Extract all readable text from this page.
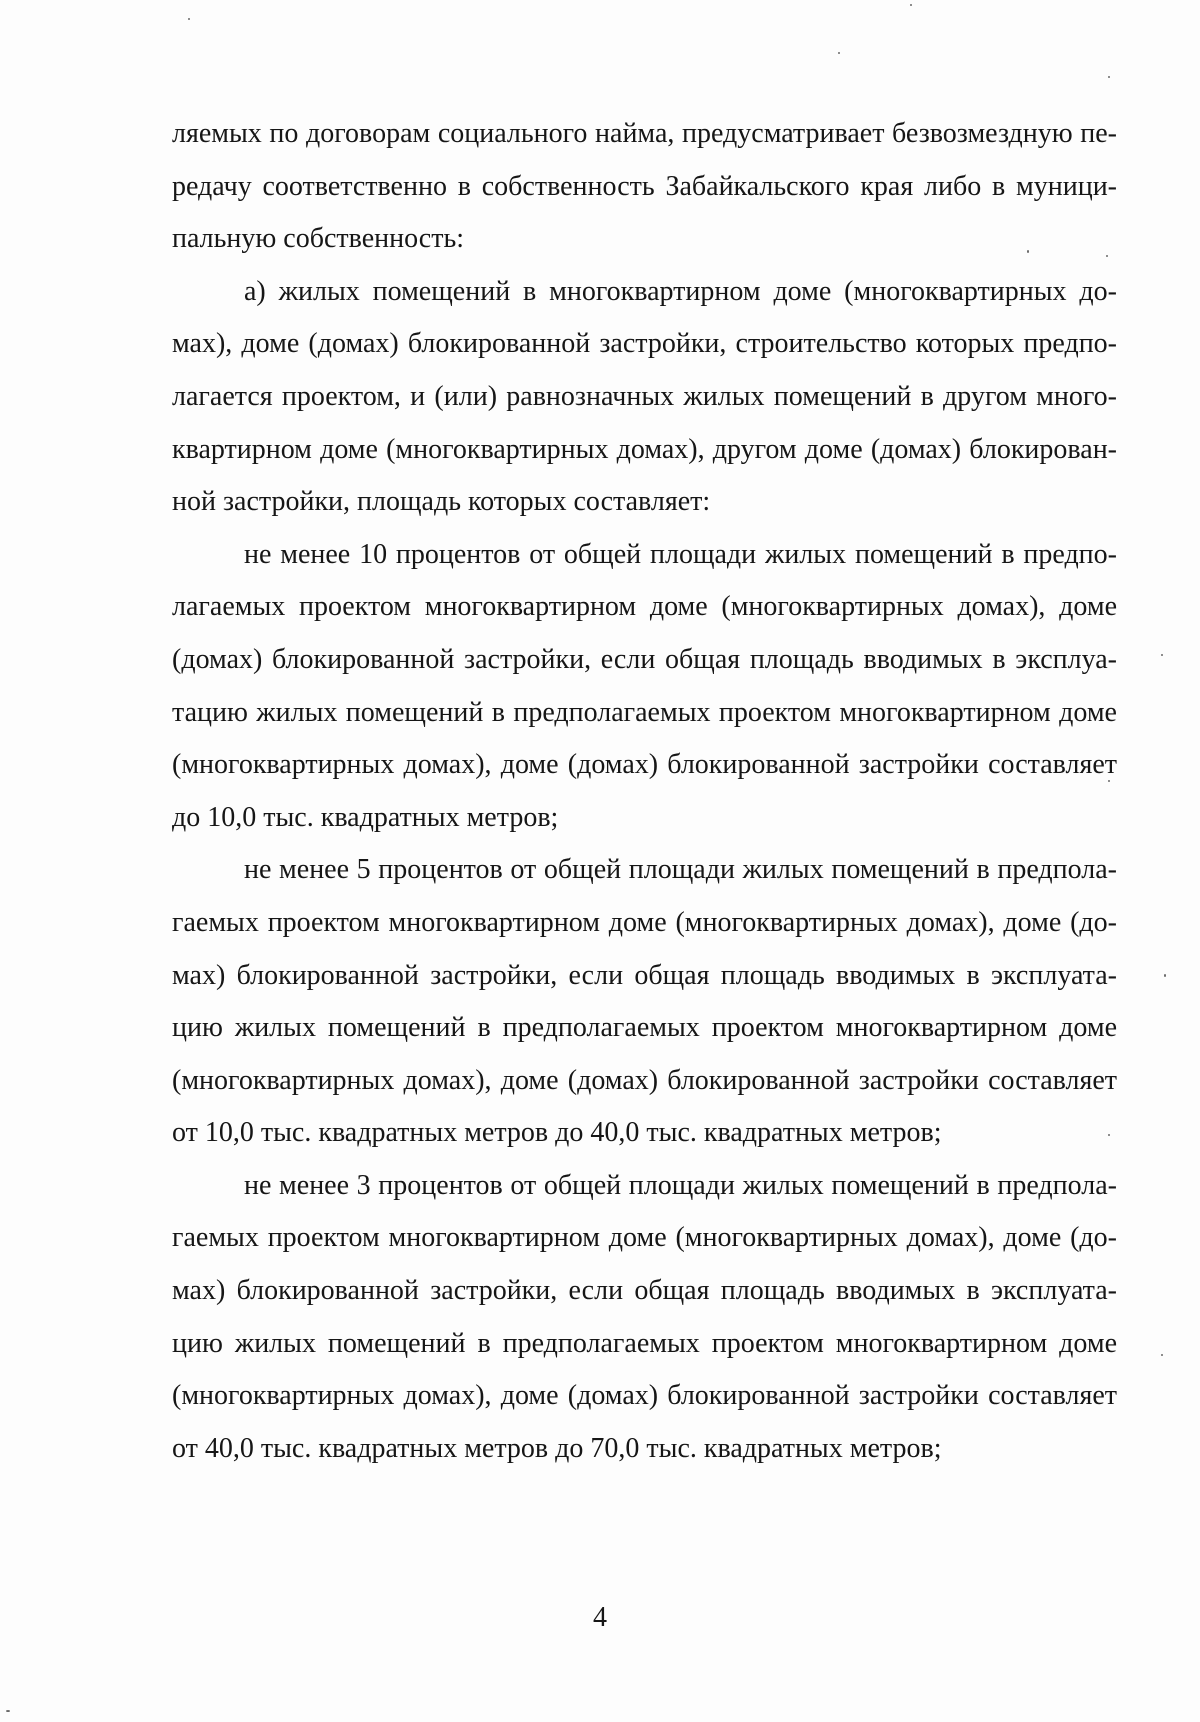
ляемых по договорам социального найма, предусматривает безвозмездную передачу соответственно в собственность Забайкальского края либо в муниципальную собственность:

а) жилых помещений в многоквартирном доме (многоквартирных домах), доме (домах) блокированной застройки, строительство которых предполагается проектом, и (или) равнозначных жилых помещений в другом многоквартирном доме (многоквартирных домах), другом доме (домах) блокированной застройки, площадь которых составляет:

не менее 10 процентов от общей площади жилых помещений в предполагаемых проектом многоквартирном доме (многоквартирных домах), доме (домах) блокированной застройки, если общая площадь вводимых в эксплуатацию жилых помещений в предполагаемых проектом многоквартирном доме (многоквартирных домах), доме (домах) блокированной застройки составляет до 10,0 тыс. квадратных метров;

не менее 5 процентов от общей площади жилых помещений в предполагаемых проектом многоквартирном доме (многоквартирных домах), доме (домах) блокированной застройки, если общая площадь вводимых в эксплуатацию жилых помещений в предполагаемых проектом многоквартирном доме (многоквартирных домах), доме (домах) блокированной застройки составляет от 10,0 тыс. квадратных метров до 40,0 тыс. квадратных метров;

не менее 3 процентов от общей площади жилых помещений в предполагаемых проектом многоквартирном доме (многоквартирных домах), доме (домах) блокированной застройки, если общая площадь вводимых в эксплуатацию жилых помещений в предполагаемых проектом многоквартирном доме (многоквартирных домах), доме (домах) блокированной застройки составляет от 40,0 тыс. квадратных метров до 70,0 тыс. квадратных метров;

4
